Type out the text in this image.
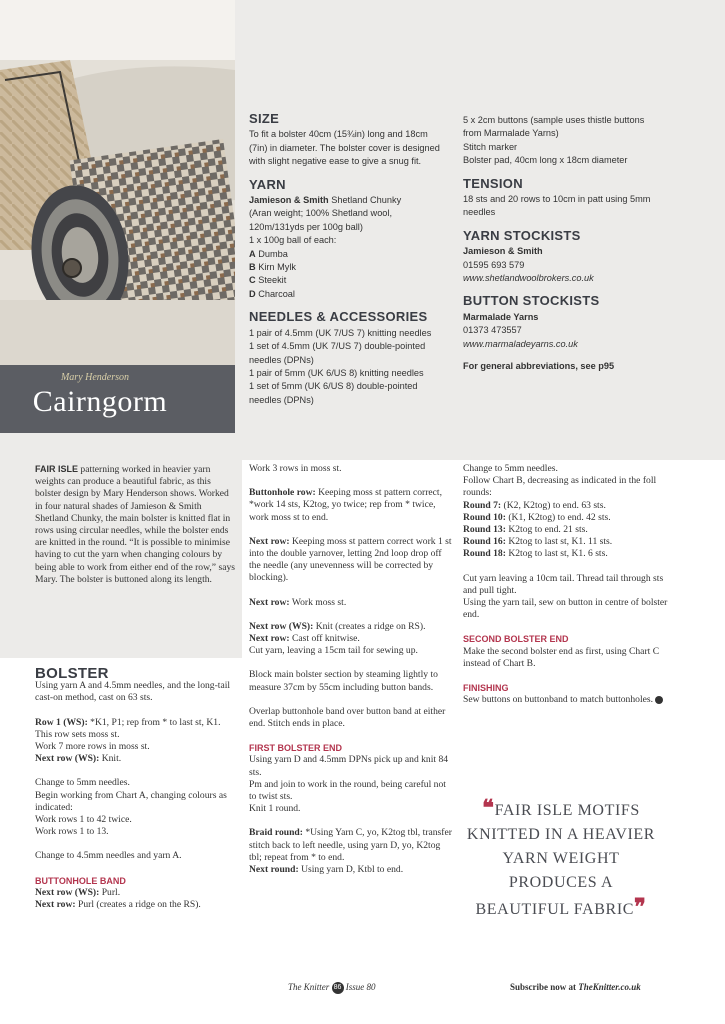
Mary Henderson
Cairngorm
SIZE

To fit a bolster 40cm (15¾in) long and 18cm

(7in) in diameter. The bolster cover is designed

with slight negative ease to give a snug fit.

YARN

Jamieson & Smith Shetland Chunky

(Aran weight; 100% Shetland wool,

120m/131yds per 100g ball)

1 x 100g ball of each:

A Dumba

B Kirn Mylk

C Steekit

D Charcoal

NEEDLES & ACCESSORIES

1 pair of 4.5mm (UK 7/US 7) knitting needles

1 set of 4.5mm (UK 7/US 7) double-pointed

needles (DPNs)

1 pair of 5mm (UK 6/US 8) knitting needles

1 set of 5mm (UK 6/US 8) double-pointed

needles (DPNs)

5 x 2cm buttons (sample uses thistle buttons

from Marmalade Yarns)

Stitch marker

Bolster pad, 40cm long x 18cm diameter

TENSION

18 sts and 20 rows to 10cm in patt using 5mm

needles

YARN STOCKISTS

Jamieson & Smith

01595 693 579

www.shetlandwoolbrokers.co.uk

BUTTON STOCKISTS

Marmalade Yarns

01373 473557

www.marmaladeyarns.co.uk

For general abbreviations, see p95

FAIR ISLE patterning worked in heavier yarn weights can produce a beautiful fabric, as this bolster design by Mary Henderson shows. Worked in four natural shades of Jamieson & Smith Shetland Chunky, the main bolster is knitted flat in rows using circular needles, while the bolster ends are knitted in the round. “It is possible to minimise having to cut the yarn when changing colours by being able to work from either end of the row,” says Mary. The bolster is buttoned along its length.

BOLSTER

Using yarn A and 4.5mm needles, and the long-tail cast-on method, cast on 63 sts.

Row 1 (WS): *K1, P1; rep from * to last st, K1.

This row sets moss st.

Work 7 more rows in moss st.

Next row (WS): Knit.

Change to 5mm needles.

Begin working from Chart A, changing colours as indicated:

Work rows 1 to 42 twice.

Work rows 1 to 13.

Change to 4.5mm needles and yarn A.

BUTTONHOLE BAND

Next row (WS): Purl.

Next row: Purl (creates a ridge on the RS).

Work 3 rows in moss st.

Buttonhole row: Keeping moss st pattern correct, *work 14 sts, K2tog, yo twice; rep from * twice, work moss st to end.

Next row: Keeping moss st pattern correct work 1 st into the double yarnover, letting 2nd loop drop off the needle (any unevenness will be corrected by blocking).

Next row: Work moss st.

Next row (WS): Knit (creates a ridge on RS).

Next row: Cast off knitwise.

Cut yarn, leaving a 15cm tail for sewing up.

Block main bolster section by steaming lightly to measure 37cm by 55cm including button bands.

Overlap buttonhole band over button band at either end. Stitch ends in place.

FIRST BOLSTER END

Using yarn D and 4.5mm DPNs pick up and knit 84 sts.

Pm and join to work in the round, being careful not to twist sts.

Knit 1 round.

Braid round: *Using Yarn C, yo, K2tog tbl, transfer stitch back to left needle, using yarn D, yo, K2tog tbl; repeat from * to end.

Next round: Using yarn D, Ktbl to end.

Change to 5mm needles.

Follow Chart B, decreasing as indicated in the foll rounds:

Round 7: (K2, K2tog) to end. 63 sts.

Round 10: (K1, K2tog) to end. 42 sts.

Round 13: K2tog to end. 21 sts.

Round 16: K2tog to last st, K1. 11 sts.

Round 18: K2tog to last st, K1. 6 sts.

Cut yarn leaving a 10cm tail. Thread tail through sts and pull tight.

Using the yarn tail, sew on button in centre of bolster end.

SECOND BOLSTER END

Make the second bolster end as first, using Chart C instead of Chart B.

FINISHING

Sew buttons on buttonband to match buttonholes.

❝FAIR ISLE MOTIFS KNITTED IN A HEAVIER YARN WEIGHT PRODUCES A BEAUTIFUL FABRIC❞
The Knitter 86 Issue 80	Subscribe now at TheKnitter.co.uk
